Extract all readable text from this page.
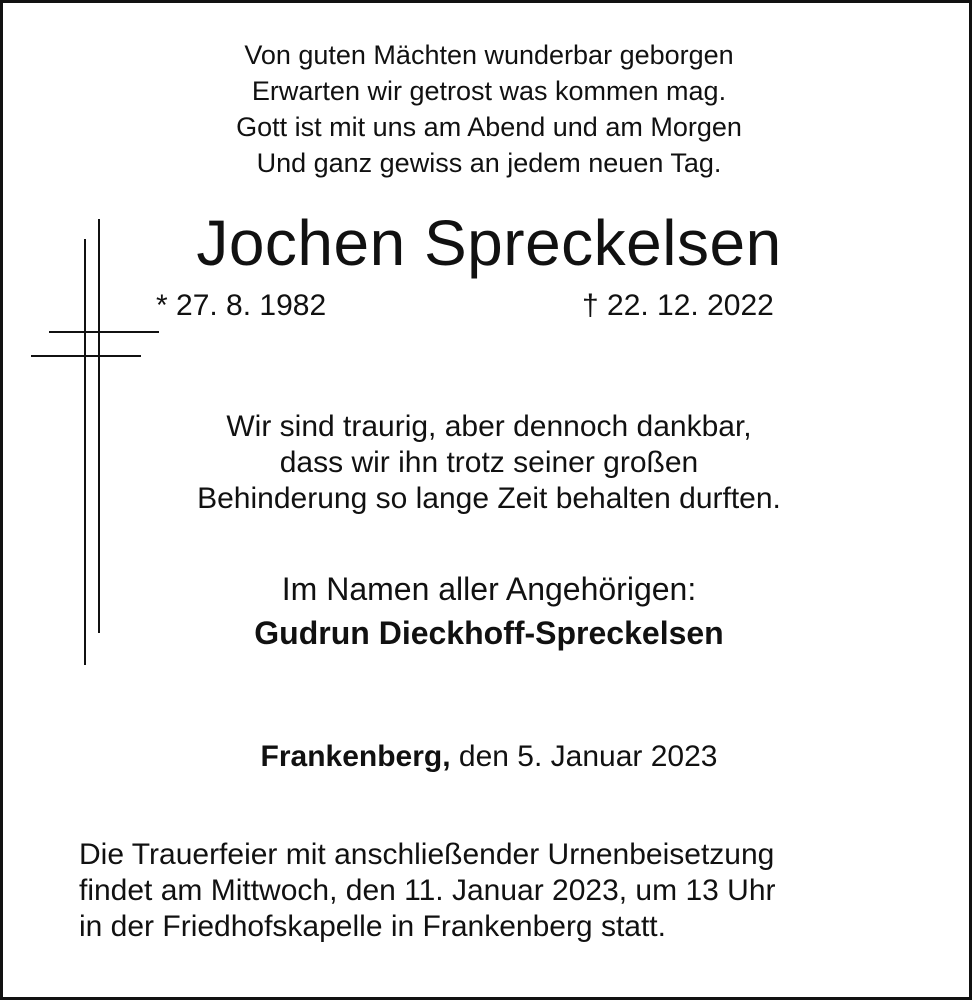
Von guten Mächten wunderbar geborgen
Erwarten wir getrost was kommen mag.
Gott ist mit uns am Abend und am Morgen
Und ganz gewiss an jedem neuen Tag.
Jochen Spreckelsen
* 27. 8. 1982	† 22. 12. 2022
Wir sind traurig, aber dennoch dankbar,
dass wir ihn trotz seiner großen
Behinderung so lange Zeit behalten durften.
Im Namen aller Angehörigen:
Gudrun Dieckhoff-Spreckelsen
Frankenberg, den 5. Januar 2023
Die Trauerfeier mit anschließender Urnenbeisetzung
findet am Mittwoch, den 11. Januar 2023, um 13 Uhr
in der Friedhofskapelle in Frankenberg statt.
